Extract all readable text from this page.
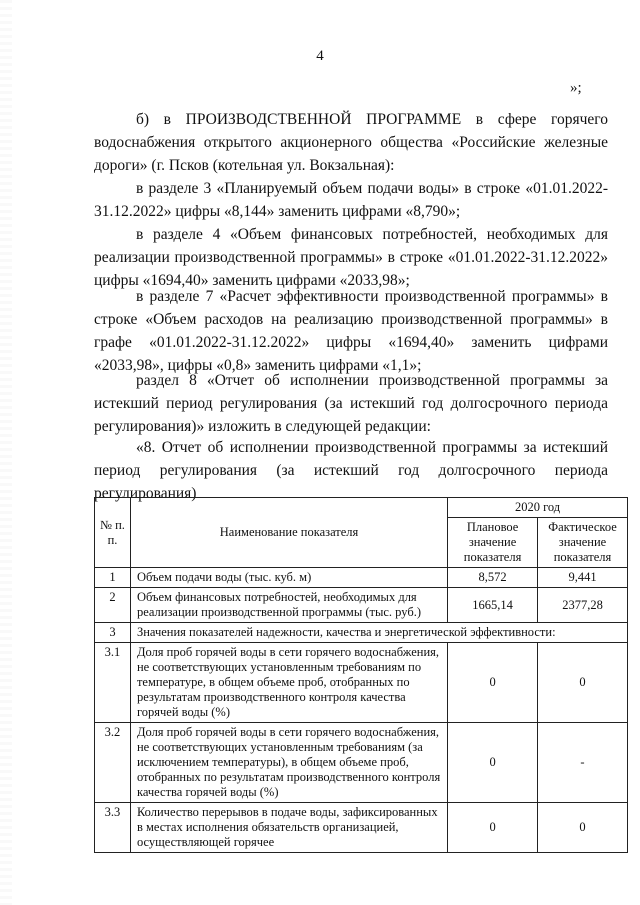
4
»;
б) в ПРОИЗВОДСТВЕННОЙ ПРОГРАММЕ в сфере горячего водоснабжения открытого акционерного общества «Российские железные дороги» (г. Псков (котельная ул. Вокзальная):
в разделе 3 «Планируемый объем подачи воды» в строке «01.01.2022-31.12.2022» цифры «8,144» заменить цифрами «8,790»;
в разделе 4 «Объем финансовых потребностей, необходимых для реализации производственной программы» в строке «01.01.2022-31.12.2022» цифры «1694,40» заменить цифрами «2033,98»;
в разделе 7 «Расчет эффективности производственной программы» в строке «Объем расходов на реализацию производственной программы» в графе «01.01.2022-31.12.2022» цифры «1694,40» заменить цифрами «2033,98», цифры «0,8» заменить цифрами «1,1»;
раздел 8 «Отчет об исполнении производственной программы за истекший период регулирования (за истекший год долгосрочного периода регулирования)» изложить в следующей редакции:
«8. Отчет об исполнении производственной программы за истекший период регулирования (за истекший год долгосрочного периода регулирования)
№ п. п.	Наименование показателя	2020 год	
		Плановое значение показателя	Фактическое значение показателя
1	Объем подачи воды (тыс. куб. м)	8,572	9,441
2	Объем финансовых потребностей, необходимых для реализации производственной программы (тыс. руб.)	1665,14	2377,28
3	Значения показателей надежности, качества и энергетической эффективности:		
3.1	Доля проб горячей воды в сети горячего водоснабжения, не соответствующих установленным требованиям по температуре, в общем объеме проб, отобранных по результатам производственного контроля качества горячей воды (%)	0	0
3.2	Доля проб горячей воды в сети горячего водоснабжения, не соответствующих установленным требованиям (за исключением температуры), в общем объеме проб, отобранных по результатам производственного контроля качества горячей воды (%)	0	-
3.3	Количество перерывов в подаче воды, зафиксированных в местах исполнения обязательств организацией, осуществляющей горячее	0	0
